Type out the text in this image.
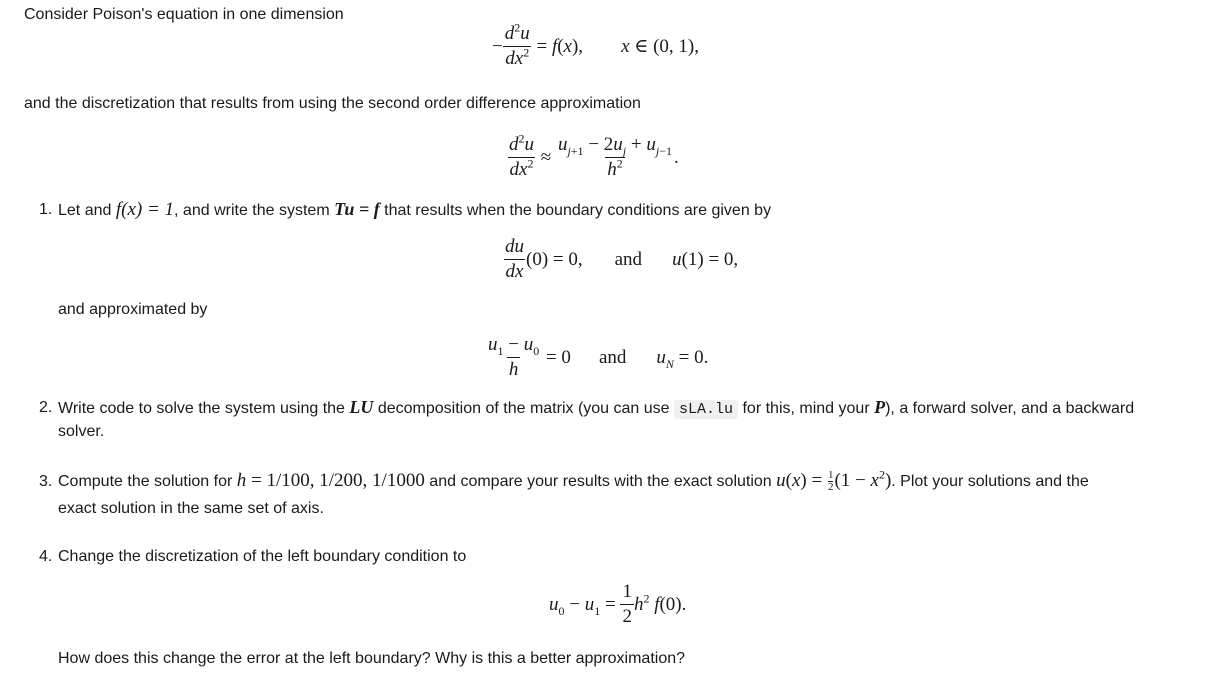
Consider Poison's equation in one dimension
− $\frac{d^2u}{dx^2} = f(x)$, x ∈ (0, 1),
and the discretization that results from using the second order difference approximation
$\frac{d^2u}{dx^2} \approx \frac{u_{j+1} - 2u_j + u_{j-1}}{h^2}$ .
1. Let and f(x) = 1, and write the system Tu = f that results when the boundary conditions are given by
$\frac{du}{dx} (0) = 0$, and u(1) = 0,
and approximated by
$\frac{u_1 - u_0}{h} = 0$ and $u_N = 0$.
2. Write code to solve the system using the LU decomposition of the matrix (you can use sLA.lu for this, mind your P), a forward solver, and a backward
solver.
3. Compute the solution for h = 1/100, 1/200, 1/1000 and compare your results with the exact solution $u(x) = \frac{1}{2} (1 - x^2)$. Plot your solutions and the
exact solution in the same set of axis.
4. Change the discretization of the left boundary condition to
$u_0 - u_1 = \frac{1}{2} h^2$ f(0).
How does this change the error at the left boundary? Why is this a better approximation?
